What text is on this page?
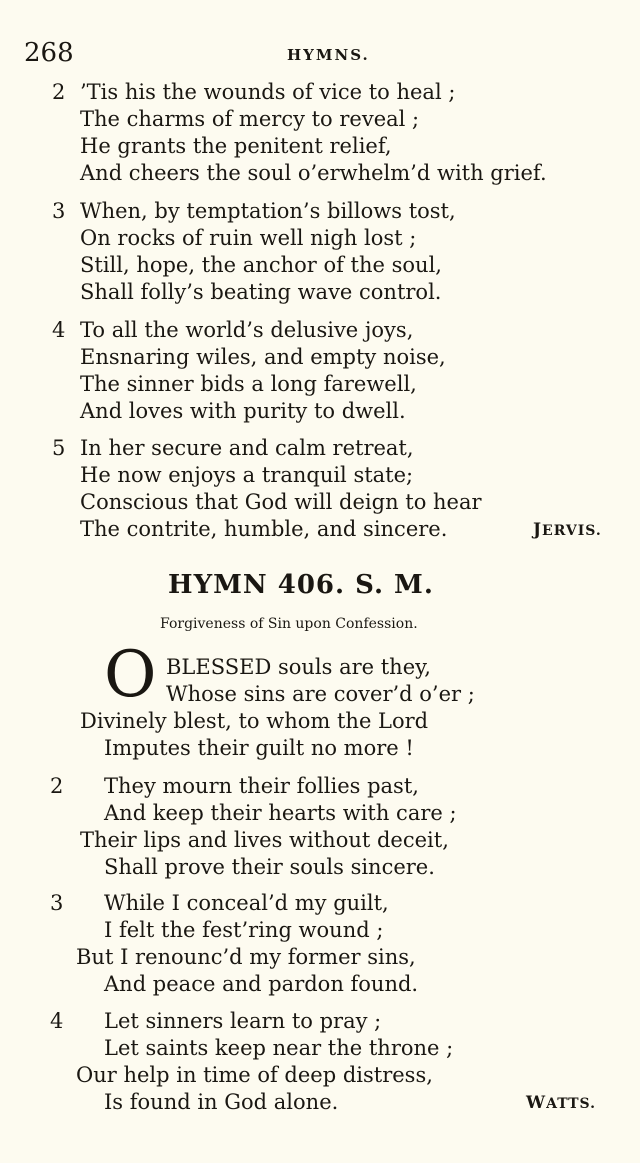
268	HYMNS.
2 ’Tis his the wounds of vice to heal ;
The charms of mercy to reveal ;
He grants the penitent relief,
And cheers the soul o’erwhelm’d with grief.
3 When, by temptation’s billows tost,
On rocks of ruin well nigh lost ;
Still, hope, the anchor of the soul,
Shall folly’s beating wave control.
4 To all the world’s delusive joys,
Ensnaring wiles, and empty noise,
The sinner bids a long farewell,
And loves with purity to dwell.
5 In her secure and calm retreat,
He now enjoys a tranquil state;
Conscious that God will deign to hear
The contrite, humble, and sincere.	JERVIS.
HYMN 406. S. M.
Forgiveness of Sin upon Confession.
O BLESSED souls are they,
Whose sins are cover’d o’er ;
Divinely blest, to whom the Lord
Imputes their guilt no more !
2 They mourn their follies past,
And keep their hearts with care ;
Their lips and lives without deceit,
Shall prove their souls sincere.
3 While I conceal’d my guilt,
I felt the fest’ring wound ;
But I renounc’d my former sins,
And peace and pardon found.
4 Let sinners learn to pray ;
Let saints keep near the throne ;
Our help in time of deep distress,
Is found in God alone.	WATTS.
